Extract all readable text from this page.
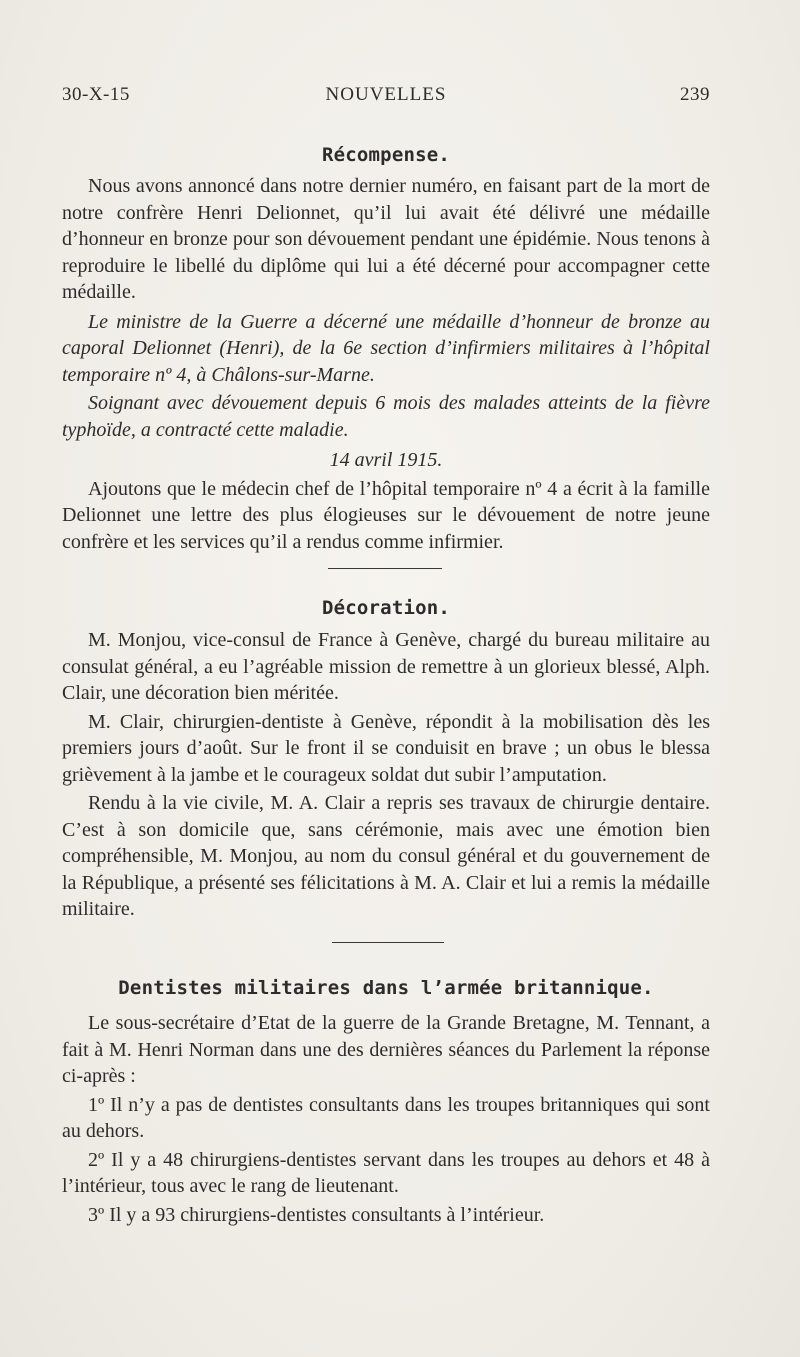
30-X-15	NOUVELLES	239
Récompense.

Nous avons annoncé dans notre dernier numéro, en faisant part de la mort de notre confrère Henri Delionnet, qu’il lui avait été délivré une médaille d’honneur en bronze pour son dévouement pendant une épidémie. Nous tenons à reproduire le libellé du diplôme qui lui a été décerné pour accompagner cette médaille.

Le ministre de la Guerre a décerné une médaille d’honneur de bronze au caporal Delionnet (Henri), de la 6e section d’infirmiers militaires à l’hôpital temporaire nº 4, à Châlons-sur-Marne.

Soignant avec dévouement depuis 6 mois des malades atteints de la fièvre typhoïde, a contracté cette maladie.

14 avril 1915.

Ajoutons que le médecin chef de l’hôpital temporaire nº 4 a écrit à la famille Delionnet une lettre des plus élogieuses sur le dévouement de notre jeune confrère et les services qu’il a rendus comme infirmier.

Décoration.

M. Monjou, vice-consul de France à Genève, chargé du bureau militaire au consulat général, a eu l’agréable mission de remettre à un glorieux blessé, Alph. Clair, une décoration bien méritée.

M. Clair, chirurgien-dentiste à Genève, répondit à la mobilisation dès les premiers jours d’août. Sur le front il se conduisit en brave ; un obus le blessa grièvement à la jambe et le courageux soldat dut subir l’amputation.

Rendu à la vie civile, M. A. Clair a repris ses travaux de chirurgie dentaire. C’est à son domicile que, sans cérémonie, mais avec une émotion bien compréhensible, M. Monjou, au nom du consul général et du gouvernement de la République, a présenté ses félicitations à M. A. Clair et lui a remis la médaille militaire.

Dentistes militaires dans l’armée britannique.

Le sous-secrétaire d’Etat de la guerre de la Grande Bretagne, M. Tennant, a fait à M. Henri Norman dans une des dernières séances du Parlement la réponse ci-après :

1º Il n’y a pas de dentistes consultants dans les troupes britanniques qui sont au dehors.

2º Il y a 48 chirurgiens-dentistes servant dans les troupes au dehors et 48 à l’intérieur, tous avec le rang de lieutenant.

3º Il y a 93 chirurgiens-dentistes consultants à l’intérieur.
